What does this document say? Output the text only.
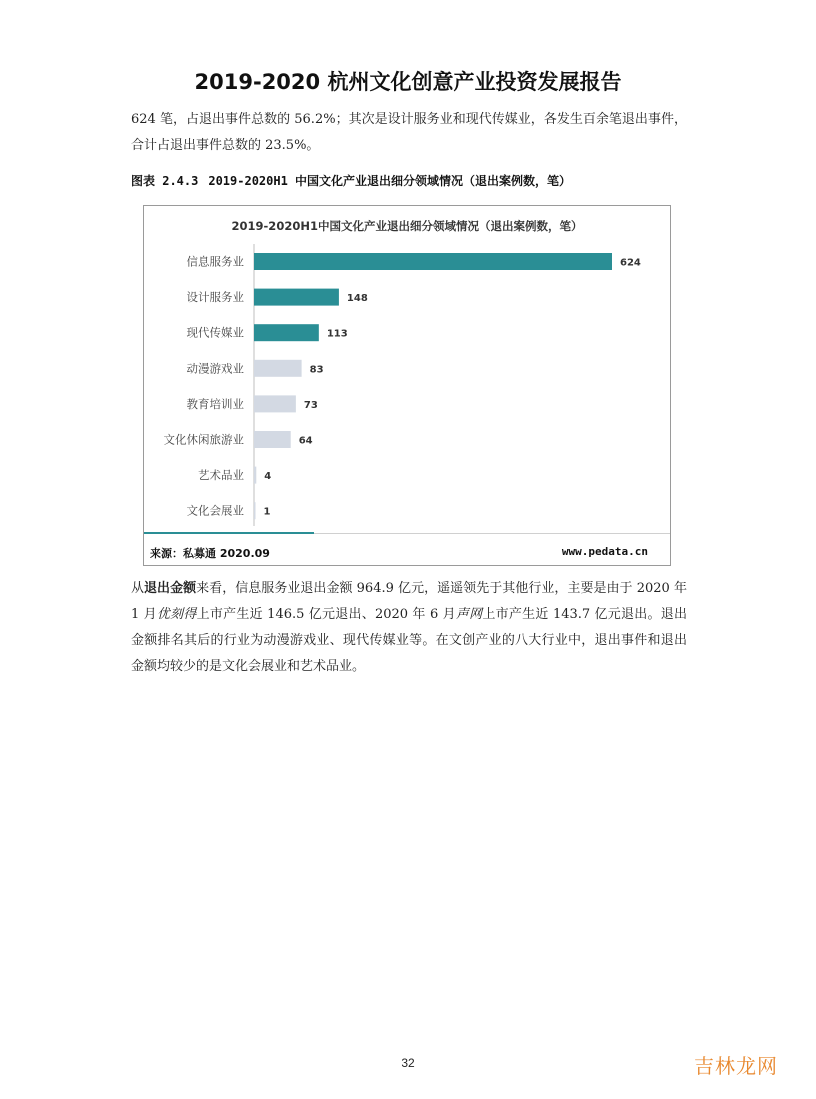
2019-2020 杭州文化创意产业投资发展报告
624 笔，占退出事件总数的 56.2%；其次是设计服务业和现代传媒业，各发生百余笔退出事件，合计占退出事件总数的 23.5%。
图表 2.4.3 2019-2020H1 中国文化产业退出细分领域情况（退出案例数，笔）
2019-2020H1中国文化产业退出细分领域情况（退出案例数，笔）
信息服务业	624
设计服务业	148
现代传媒业	113
动漫游戏业	83
教育培训业	73
文化休闲旅游业	64
艺术品业 4
文化会展业 1
来源：私募通 2020.09	www.pedata.cn
从退出金额来看，信息服务业退出金额 964.9 亿元，遥遥领先于其他行业，主要是由于 2020 年 1 月优刻得上市产生近 146.5 亿元退出、2020 年 6 月声网上市产生近 143.7 亿元退出。退出金额排名其后的行业为动漫游戏业、现代传媒业等。在文创产业的八大行业中，退出事件和退出金额均较少的是文化会展业和艺术品业。
32	吉林龙网
